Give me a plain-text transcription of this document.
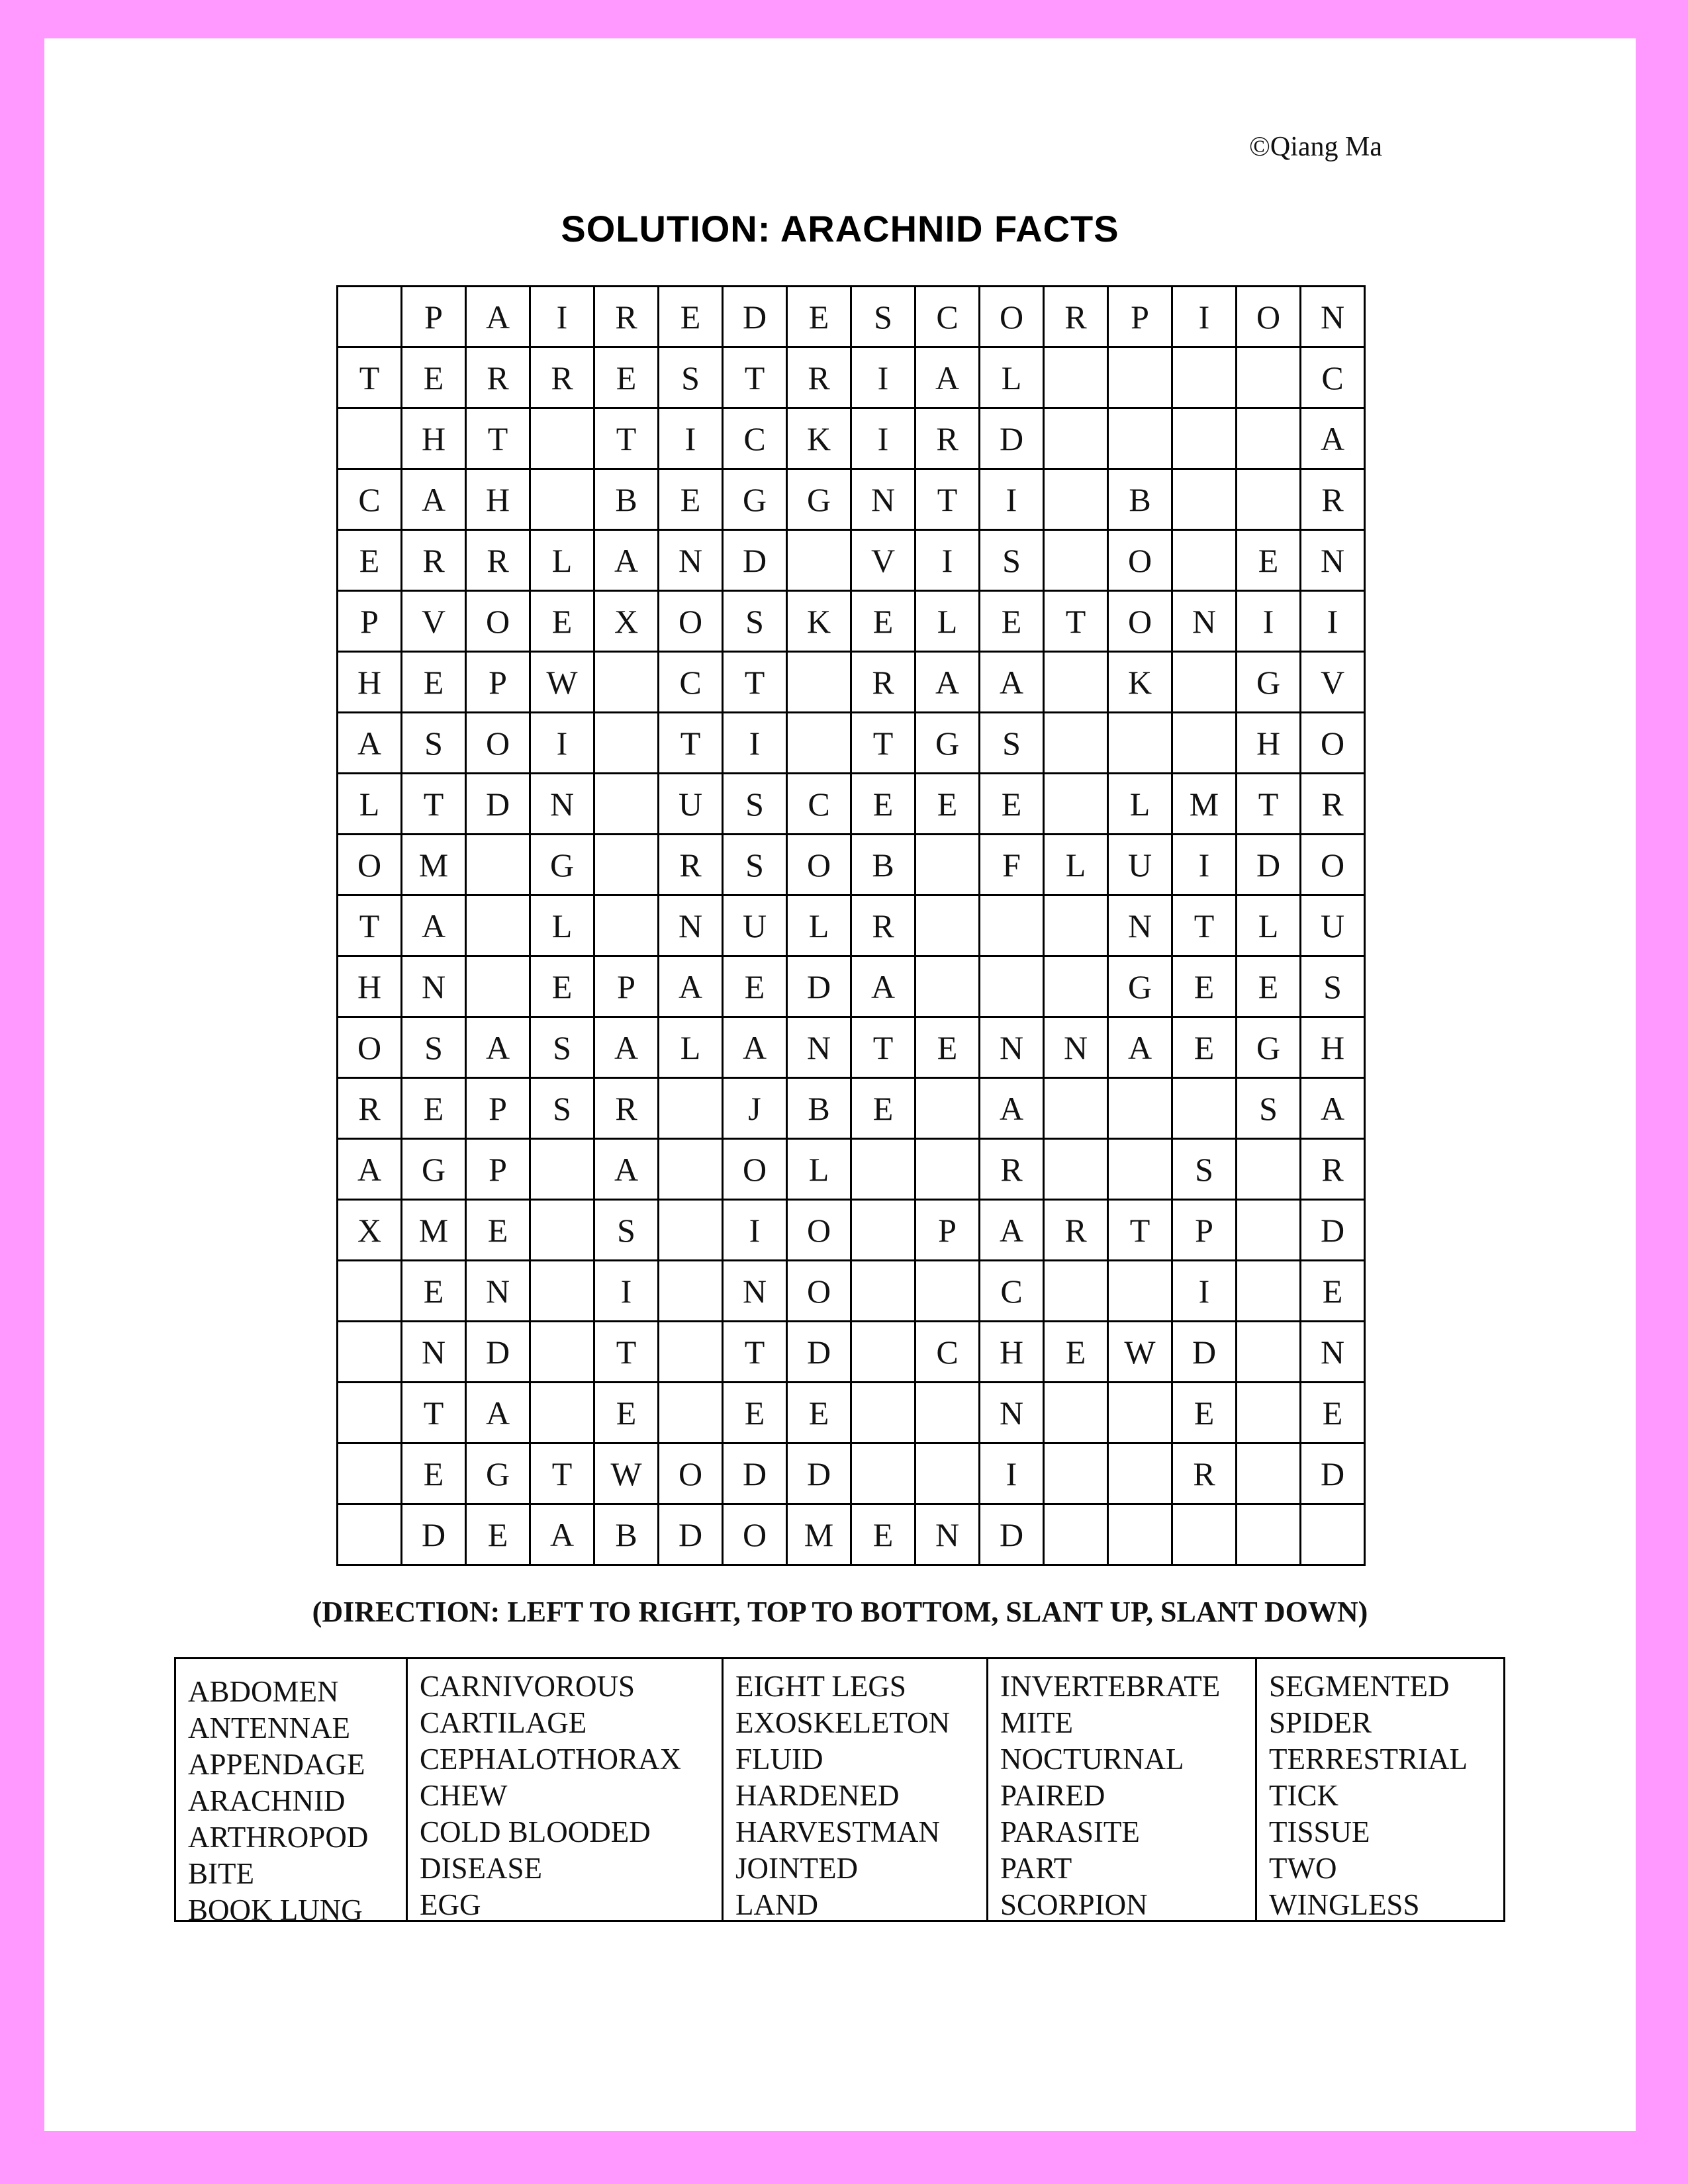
©Qiang Ma
SOLUTION: ARACHNID FACTS
	P	A	I	R	E	D	E	S	C	O	R	P	I	O	N
T	E	R	R	E	S	T	R	I	A	L					C
	H	T		T	I	C	K	I	R	D					A
C	A	H		B	E	G	G	N	T	I		B			R
E	R	R	L	A	N	D		V	I	S		O		E	N
P	V	O	E	X	O	S	K	E	L	E	T	O	N	I	I
H	E	P	W		C	T		R	A	A		K		G	V
A	S	O	I		T	I		T	G	S				H	O
L	T	D	N		U	S	C	E	E	E		L	M	T	R
O	M		G		R	S	O	B		F	L	U	I	D	O
T	A		L		N	U	L	R				N	T	L	U
H	N		E	P	A	E	D	A				G	E	E	S
O	S	A	S	A	L	A	N	T	E	N	N	A	E	G	H
R	E	P	S	R		J	B	E		A				S	A
A	G	P		A		O	L			R			S		R
X	M	E		S		I	O		P	A	R	T	P		D
	E	N		I		N	O			C			I		E
	N	D		T		T	D		C	H	E	W	D		N
	T	A		E		E	E			N			E		E
	E	G	T	W	O	D	D			I			R		D
	D	E	A	B	D	O	M	E	N	D					
(DIRECTION: LEFT TO RIGHT, TOP TO BOTTOM, SLANT UP, SLANT DOWN)
ABDOMEN
ANTENNAE
APPENDAGE
ARACHNID
ARTHROPOD
BITE
BOOK LUNG
CARNIVOROUS
CARTILAGE
CEPHALOTHORAX
CHEW
COLD BLOODED
DISEASE
EGG
EIGHT LEGS
EXOSKELETON
FLUID
HARDENED
HARVESTMAN
JOINTED
LAND
INVERTEBRATE
MITE
NOCTURNAL
PAIRED
PARASITE
PART
SCORPION
SEGMENTED
SPIDER
TERRESTRIAL
TICK
TISSUE
TWO
WINGLESS
